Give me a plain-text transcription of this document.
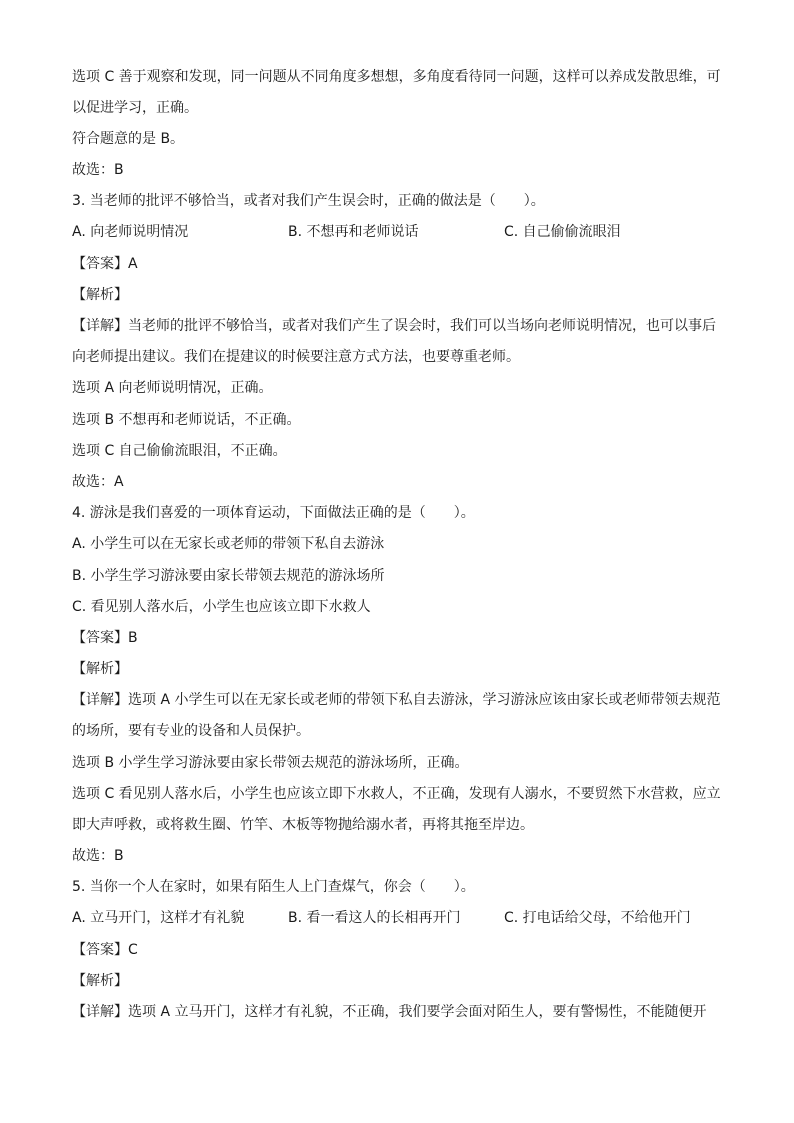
选项 C 善于观察和发现，同一问题从不同角度多想想，多角度看待同一问题，这样可以养成发散思维，可
以促进学习，正确。
符合题意的是 B。
故选：B
3. 当老师的批评不够恰当，或者对我们产生误会时，正确的做法是（　　）。
A. 向老师说明情况	B. 不想再和老师说话	C. 自己偷偷流眼泪
【答案】A
【解析】
【详解】当老师的批评不够恰当，或者对我们产生了误会时，我们可以当场向老师说明情况，也可以事后
向老师提出建议。我们在提建议的时候要注意方式方法，也要尊重老师。
选项 A 向老师说明情况，正确。
选项 B 不想再和老师说话，不正确。
选项 C 自己偷偷流眼泪，不正确。
故选：A
4. 游泳是我们喜爱的一项体育运动，下面做法正确的是（　　）。
A. 小学生可以在无家长或老师的带领下私自去游泳
B. 小学生学习游泳要由家长带领去规范的游泳场所
C. 看见别人落水后，小学生也应该立即下水救人
【答案】B
【解析】
【详解】选项 A 小学生可以在无家长或老师的带领下私自去游泳，学习游泳应该由家长或老师带领去规范
的场所，要有专业的设备和人员保护。
选项 B 小学生学习游泳要由家长带领去规范的游泳场所，正确。
选项 C 看见别人落水后，小学生也应该立即下水救人，不正确，发现有人溺水，不要贸然下水营救，应立
即大声呼救，或将救生圈、竹竿、木板等物抛给溺水者，再将其拖至岸边。
故选：B
5. 当你一个人在家时，如果有陌生人上门查煤气，你会（　　）。
A. 立马开门，这样才有礼貌	B. 看一看这人的长相再开门	C. 打电话给父母，不给他开门
【答案】C
【解析】
【详解】选项 A 立马开门，这样才有礼貌，不正确，我们要学会面对陌生人，要有警惕性，不能随便开
